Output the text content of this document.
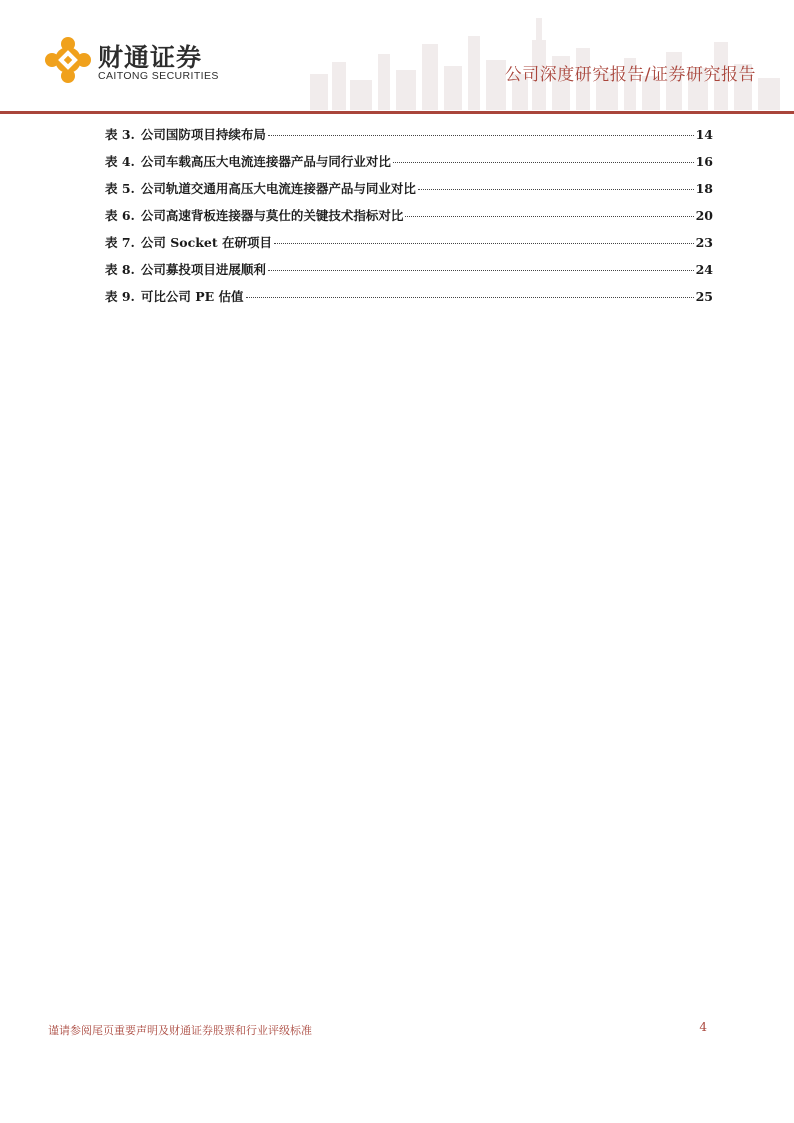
财通证券
CAITONG SECURITIES	公司深度研究报告/证券研究报告
表 3. 公司国防项目持续布局	14
表 4. 公司车载高压大电流连接器产品与同行业对比	16
表 5. 公司轨道交通用高压大电流连接器产品与同业对比	18
表 6. 公司高速背板连接器与莫仕的关键技术指标对比	20
表 7. 公司 Socket 在研项目	23
表 8. 公司募投项目进展顺利	24
表 9. 可比公司 PE 估值	25
谨请参阅尾页重要声明及财通证券股票和行业评级标准	4
